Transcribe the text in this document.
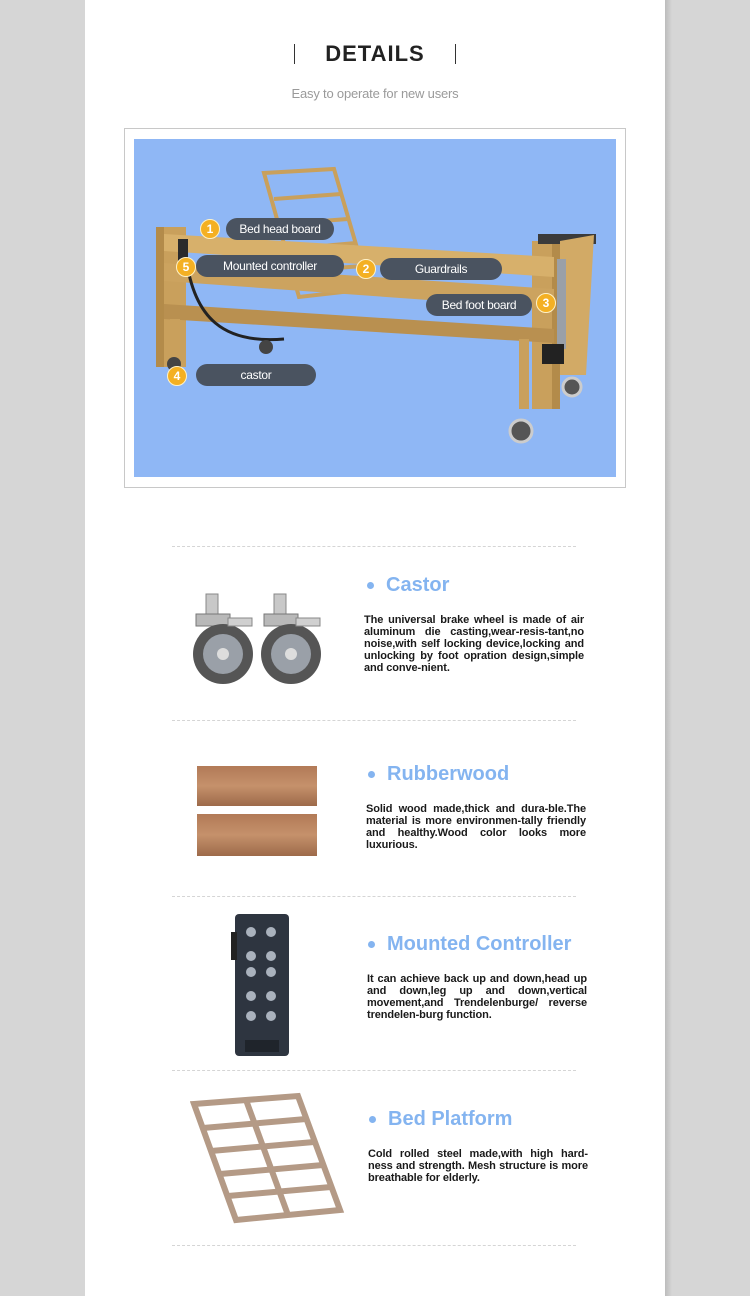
DETAILS
Easy to operate for new users
1	Bed head board
5	Mounted controller	2	Guardrails
3
Bed foot board
4	castor
Castor
The universal brake wheel is made of air aluminum die casting,wear-resis-tant,no noise,with self locking device,locking and unlocking by foot opration design,simple and conve-nient.
Rubberwood
Solid wood made,thick and dura-ble.The material is more environmen-tally friendly and healthy.Wood color looks more luxurious.
Mounted Controller
It can achieve back up and down,head up and down,leg up and down,vertical movement,and Trendelenburge/ reverse trendelen-burg function.
Bed Platform
Cold rolled steel made,with high hard-ness and strength. Mesh structure is more breathable for elderly.
